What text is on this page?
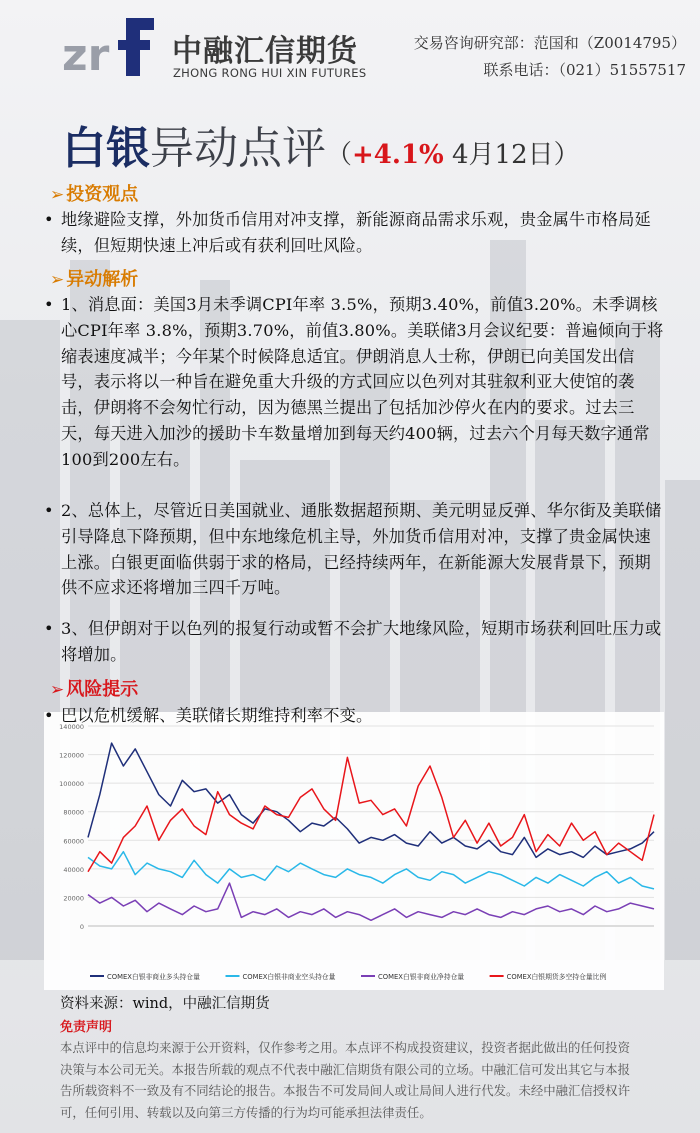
zr 中融汇信期货
ZHONG RONG HUI XIN FUTURES
交易咨询研究部：范国和（Z0014795）
联系电话：（021）51557517
白银异动点评（+4.1% 4月12日）
➢ 投资观点
• 地缘避险支撑，外加货币信用对冲支撑，新能源商品需求乐观，贵金属牛市格局延续，但短期快速上冲后或有获利回吐风险。
➢ 异动解析
• 1、消息面：美国3月未季调CPI年率 3.5%，预期3.40%，前值3.20%。未季调核心CPI年率 3.8%，预期3.70%，前值3.80%。美联储3月会议纪要：普遍倾向于将缩表速度减半；今年某个时候降息适宜。伊朗消息人士称，伊朗已向美国发出信号，表示将以一种旨在避免重大升级的方式回应以色列对其驻叙利亚大使馆的袭击，伊朗将不会匆忙行动，因为德黑兰提出了包括加沙停火在内的要求。过去三天，每天进入加沙的援助卡车数量增加到每天约400辆，过去六个月每天数字通常100到200左右。
• 2、总体上，尽管近日美国就业、通胀数据超预期、美元明显反弹、华尔街及美联储引导降息下降预期，但中东地缘危机主导，外加货币信用对冲，支撑了贵金属快速上涨。白银更面临供弱于求的格局，已经持续两年，在新能源大发展背景下，预期供不应求还将增加三四千万吨。
• 3、但伊朗对于以色列的报复行动或暂不会扩大地缘风险，短期市场获利回吐压力或将增加。
➢ 风险提示
0
20000
40000
60000
80000
100000
120000
140000
COMEX白银非商业多头持仓量	COMEX白银非商业空头持仓量	COMEX白银非商业净持仓量	COMEX白银期货多空持仓量比例
• 巴以危机缓解、美联储长期维持利率不变。
资料来源：wind，中融汇信期货
免责声明
本点评中的信息均来源于公开资料，仅作参考之用。本点评不构成投资建议，投资者据此做出的任何投资决策与本公司无关。本报告所载的观点不代表中融汇信期货有限公司的立场。中融汇信可发出其它与本报告所载资料不一致及有不同结论的报告。本报告不可发局间人或让局间人进行代发。未经中融汇信授权许可，任何引用、转载以及向第三方传播的行为均可能承担法律责任。
